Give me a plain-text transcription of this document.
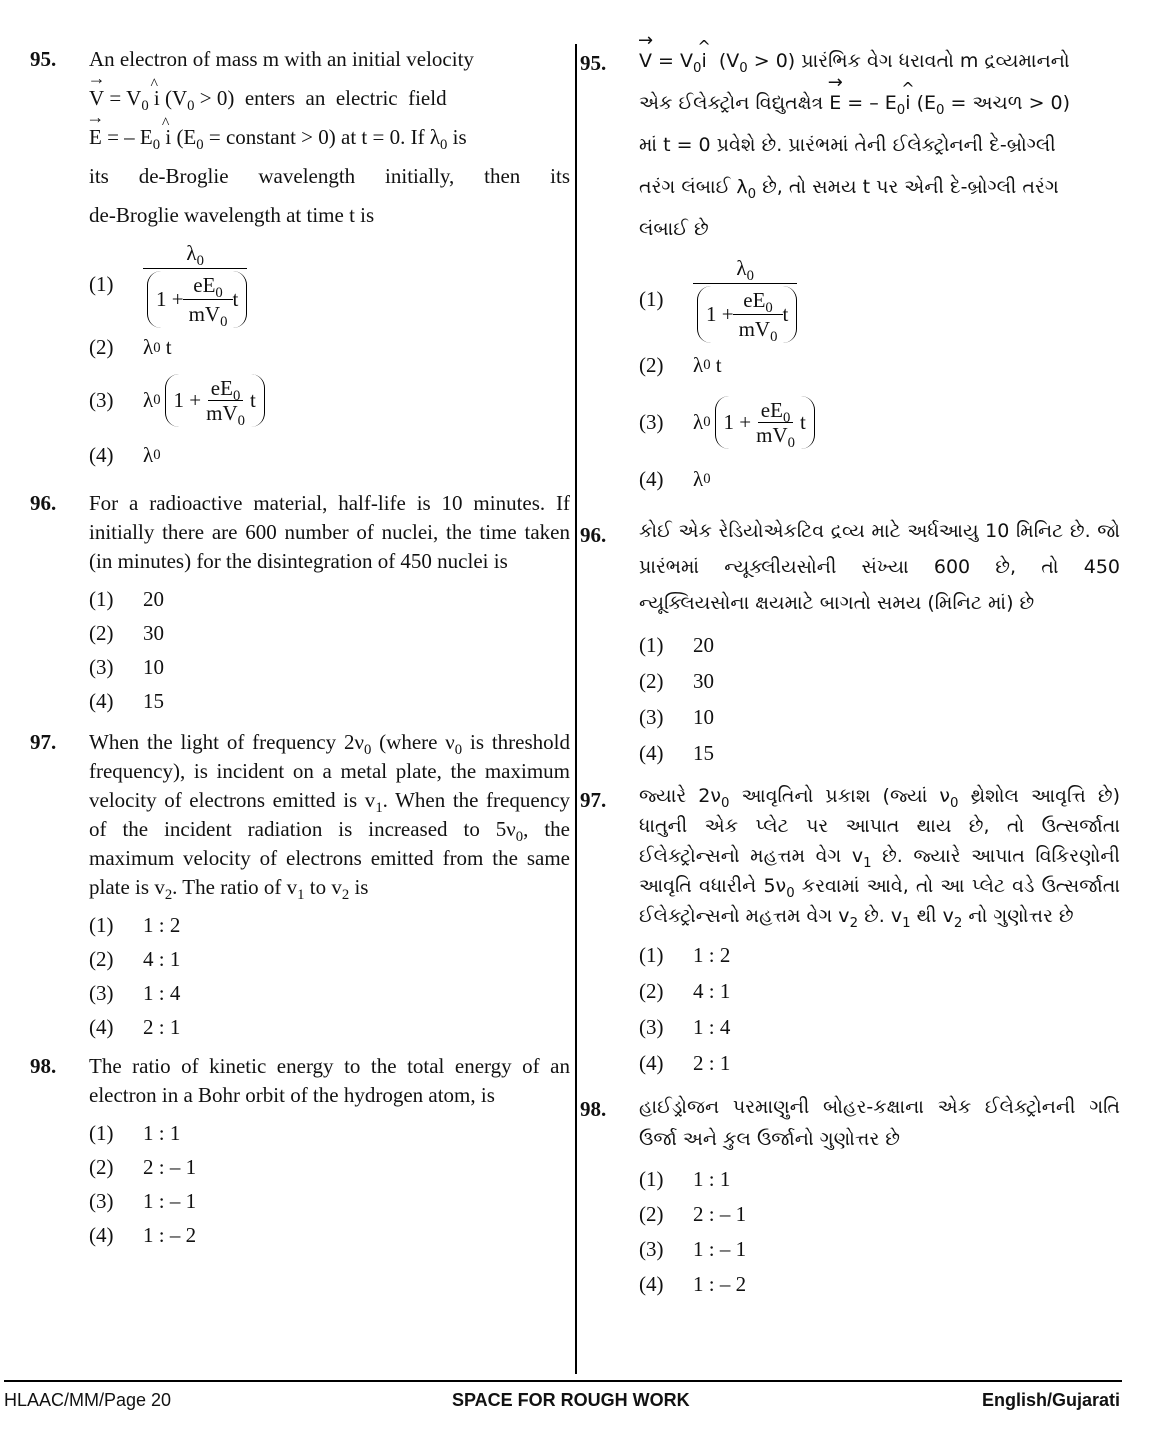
95. An electron of mass m with an initial velocity
→ $V = V_0\^{}$  i $(V_0 > 0)$  enters  an  electric  field
→ E = – $E_0\^{}$  i ($E_0$ = constant > 0) at t = 0. If $\lambda_0$ is
its de-Broglie wavelength initially, then its
de-Broglie wavelength at time t is
(1)	$\frac{\lambda_0}{1 + \frac{eE_0}{mV_0} t}$
(2)	λ 0 t
(3)	λ 0 $1 + \frac{eE_0}{mV_0}$ t
(4)	λ 0
96. For a radioactive material, half-life is 10 minutes. If initially there are 600 number of nuclei, the time taken (in minutes) for the disintegration of 450 nuclei is
(1)	20
(2)	30
(3)	10
(4)	15
97. When the light of frequency $2\nu_0$ (where $\nu_0$ is threshold frequency), is incident on a metal plate, the maximum velocity of electrons emitted is $v_1$. When the frequency of the incident radiation is increased to $5\nu_0$, the maximum velocity of electrons emitted from the same plate is $v_2$. The ratio of $v_1$ to $v_2$ is
(1)	1 : 2
(2)	4 : 1
(3)	1 : 4
(4)	2 : 1
98. The ratio of kinetic energy to the total energy of an electron in a Bohr orbit of the hydrogen atom, is
(1)	1 : 1
(2)	2 : – 1
(3)	1 : – 1
(4)	1 : – 2
95. → $V = V_0\^{}$ i  $(V_0 > 0)$ પ્રારંભિક વેગ ધરાવતો m દ્રવ્યમાનનો
એક ઈલેક્ટ્રોન વિદ્યુતક્ષેત્ર → E = – $E_0\^{}$ i ($E_0$ = અચળ > 0)
માં t = 0 પ્રવેશે છે. પ્રારંભમાં તેની ઈલેક્ટ્રોનની દે-બ્રોગ્લી
તરંગ લંબાઈ $\lambda_0$ છે, તો સમય t પર એની દે-બ્રોગ્લી તરંગ
લંબાઈ છે
(1)	$\frac{\lambda_0}{1 + \frac{eE_0}{mV_0} t}$
(2)	λ 0 t
(3)	λ 0 $1 + \frac{eE_0}{mV_0}$ t
(4)	λ 0
96. કોઈ એક રેડિયોએકટિવ દ્રવ્ય માટે અર્ધઆયુ 10 મિનિટ છે. જો પ્રારંભમાં ન્યૂક્લીયસોની સંખ્યા 600 છે, તો 450 ન્યૂક્લિયસોના ક્ષયમાટે બાગતો સમય (મિનિટ માં) છે
(1)	20
(2)	30
(3)	10
(4)	15
97. જ્યારે $2\nu_0$ આવૃતિનો પ્રકાશ (જ્યાં $\nu_0$ થ્રેશોલ આવૃત્તિ છે) ધાતુની એક પ્લેટ પર આપાત થાય છે, તો ઉત્સર્જાતા ઈલેક્ટ્રોન્સનો મહત્તમ વેગ $v_1$ છે. જ્યારે આપાત વિકિરણોની આવૃતિ વધારીને $5\nu_0$ કરવામાં આવે, તો આ પ્લેટ વડે ઉત્સર્જાતા ઈલેક્ટ્રોન્સનો મહત્તમ વેગ $v_2$ છે. $v_1$ થી $v_2$ નો ગુણોત્તર છે
(1)	1 : 2
(2)	4 : 1
(3)	1 : 4
(4)	2 : 1
98. હાઈડ્રોજન પરમાણુની બોહર-કક્ષાના એક ઈલેક્ટ્રોનની ગતિ ઉર્જા અને કુલ ઉર્જાનો ગુણોત્તર છે
(1)	1 : 1
(2)	2 : – 1
(3)	1 : – 1
(4)	1 : – 2
HLAAC/MM/Page 20	SPACE FOR ROUGH WORK	English/Gujarati
